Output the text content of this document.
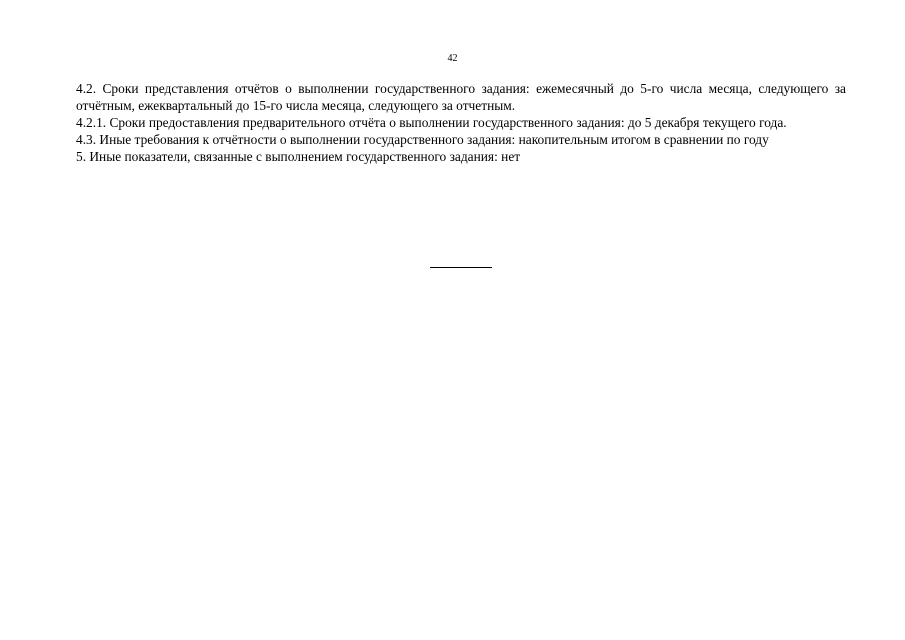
42

4.2. Сроки представления отчётов о выполнении государственного задания: ежемесячный до 5-го числа месяца, следующего за отчётным, ежеквартальный до 15-го числа месяца, следующего за отчетным.

4.2.1. Сроки предоставления предварительного отчёта о выполнении государственного задания: до 5 декабря текущего года.

4.3. Иные требования к отчётности о выполнении государственного задания: накопительным итогом в сравнении по году

5. Иные показатели, связанные с выполнением государственного задания: нет
